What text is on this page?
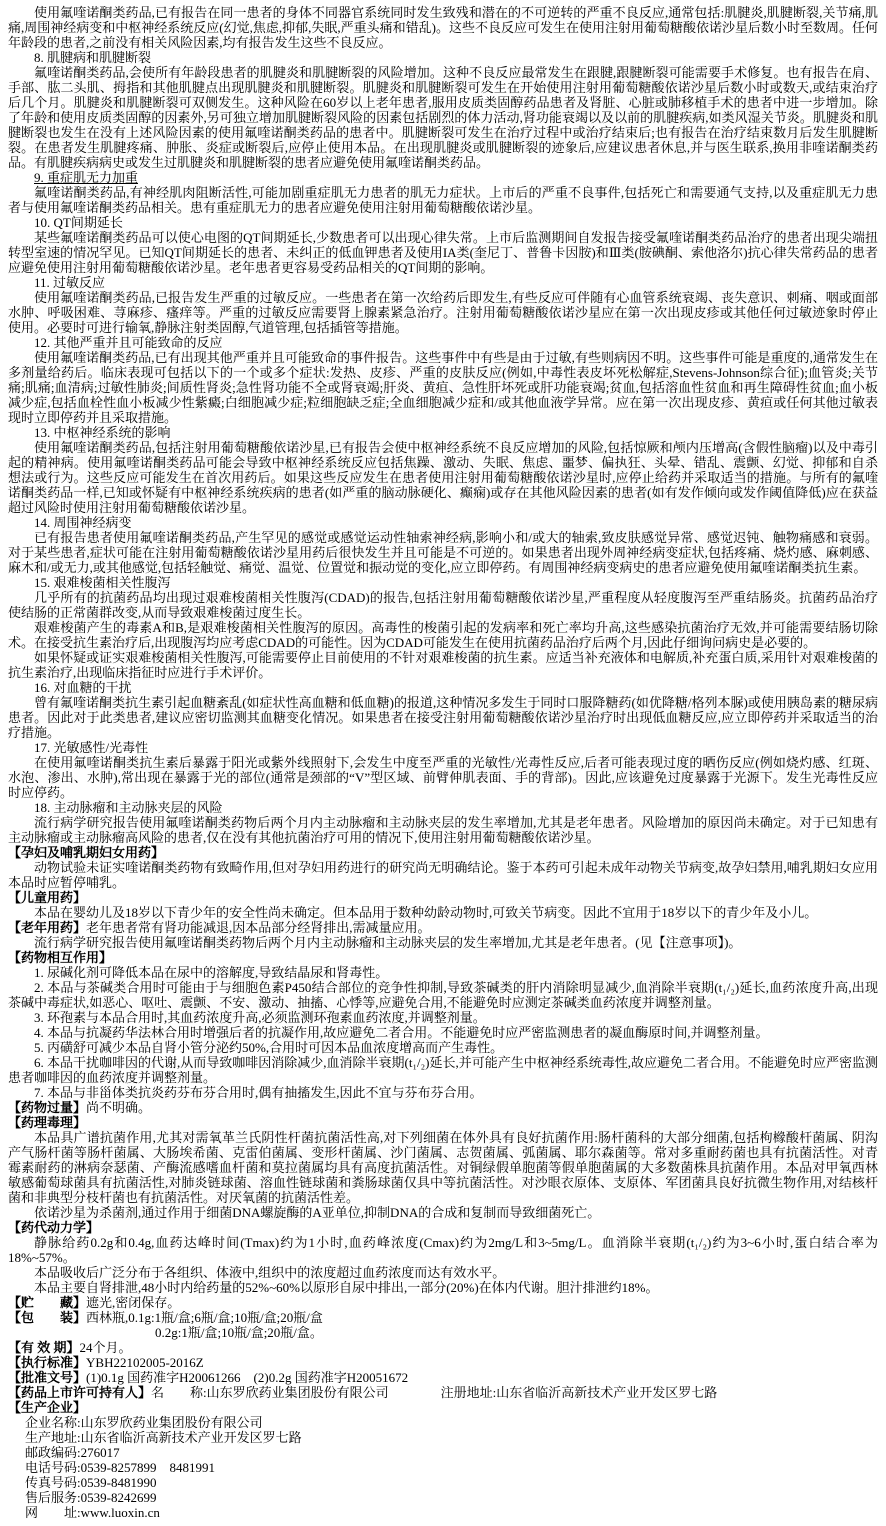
使用氟喹诺酮类药品,已有报告在同一患者的身体不同器官系统同时发生致残和潜在的不可逆转的严重不良反应,通常包括:肌腱炎,肌腱断裂,关节痛,肌痛,周围神经病变和中枢神经系统反应(幻觉,焦虑,抑郁,失眠,严重头痛和错乱)。这些不良反应可发生在使用注射用葡萄糖酸依诺沙星后数小时至数周。任何年龄段的患者,之前没有相关风险因素,均有报告发生这些不良反应。
8. 肌腱病和肌腱断裂
氟喹诺酮类药品,会使所有年龄段患者的肌腱炎和肌腱断裂的风险增加。这种不良反应最常发生在跟腱,跟腱断裂可能需要手术修复。也有报告在肩、手部、肱二头肌、拇指和其他肌腱点出现肌腱炎和肌腱断裂。肌腱炎和肌腱断裂可发生在开始使用注射用葡萄糖酸依诺沙星后数小时或数天,或结束治疗后几个月。肌腱炎和肌腱断裂可双侧发生。这种风险在60岁以上老年患者,服用皮质类固醇药品患者及肾脏、心脏或肺移植手术的患者中进一步增加。除了年龄和使用皮质类固醇的因素外,另可独立增加肌腱断裂风险的因素包括剧烈的体力活动,肾功能衰竭以及以前的肌腱疾病,如类风湿关节炎。肌腱炎和肌腱断裂也发生在没有上述风险因素的使用氟喹诺酮类药品的患者中。肌腱断裂可发生在治疗过程中或治疗结束后;也有报告在治疗结束数月后发生肌腱断裂。在患者发生肌腱疼痛、肿胀、炎症或断裂后,应停止使用本品。在出现肌腱炎或肌腱断裂的迹象后,应建议患者休息,并与医生联系,换用非喹诺酮类药品。有肌腱疾病病史或发生过肌腱炎和肌腱断裂的患者应避免使用氟喹诺酮类药品。
9. 重症肌无力加重
氟喹诺酮类药品,有神经肌肉阻断活性,可能加剧重症肌无力患者的肌无力症状。上市后的严重不良事件,包括死亡和需要通气支持,以及重症肌无力患者与使用氟喹诺酮类药品相关。患有重症肌无力的患者应避免使用注射用葡萄糖酸依诺沙星。
10. QT间期延长
某些氟喹诺酮类药品可以使心电图的QT间期延长,少数患者可以出现心律失常。上市后监测期间自发报告接受氟喹诺酮类药品治疗的患者出现尖端扭转型室速的情况罕见。已知QT间期延长的患者、未纠正的低血钾患者及使用IA类(奎尼丁、普鲁卡因胺)和Ⅲ类(胺碘酮、索他洛尔)抗心律失常药品的患者应避免使用注射用葡萄糖酸依诺沙星。老年患者更容易受药品相关的QT间期的影响。
11. 过敏反应
使用氟喹诺酮类药品,已报告发生严重的过敏反应。一些患者在第一次给药后即发生,有些反应可伴随有心血管系统衰竭、丧失意识、刺痛、咽或面部水肿、呼吸困难、荨麻疹、瘙痒等。严重的过敏反应需要肾上腺素紧急治疗。注射用葡萄糖酸依诺沙星应在第一次出现皮疹或其他任何过敏迹象时停止使用。必要时可进行输氧,静脉注射类固醇,气道管理,包括插管等措施。
12. 其他严重并且可能致命的反应
使用氟喹诺酮类药品,已有出现其他严重并且可能致命的事件报告。这些事件中有些是由于过敏,有些则病因不明。这些事件可能是重度的,通常发生在多剂量给药后。临床表现可包括以下的一个或多个症状:发热、皮疹、严重的皮肤反应(例如,中毒性表皮坏死松解症,Stevens-Johnson综合征);血管炎;关节痛;肌痛;血清病;过敏性肺炎;间质性肾炎;急性肾功能不全或肾衰竭;肝炎、黄疸、急性肝坏死或肝功能衰竭;贫血,包括溶血性贫血和再生障碍性贫血;血小板减少症,包括血栓性血小板减少性紫癜;白细胞减少症;粒细胞缺乏症;全血细胞减少症和/或其他血液学异常。应在第一次出现皮疹、黄疸或任何其他过敏表现时立即停药并且采取措施。
13. 中枢神经系统的影响
使用氟喹诺酮类药品,包括注射用葡萄糖酸依诺沙星,已有报告会使中枢神经系统不良反应增加的风险,包括惊厥和颅内压增高(含假性脑瘤)以及中毒引起的精神病。使用氟喹诺酮类药品可能会导致中枢神经系统反应包括焦躁、激动、失眠、焦虑、噩梦、偏执狂、头晕、错乱、震颤、幻觉、抑郁和自杀想法或行为。这些反应可能发生在首次用药后。如果这些反应发生在患者使用注射用葡萄糖酸依诺沙星时,应停止给药并采取适当的措施。与所有的氟喹诺酮类药品一样,已知或怀疑有中枢神经系统疾病的患者(如严重的脑动脉硬化、癫痫)或存在其他风险因素的患者(如有发作倾向或发作阈值降低)应在获益超过风险时使用注射用葡萄糖酸依诺沙星。
14. 周围神经病变
已有报告患者使用氟喹诺酮类药品,产生罕见的感觉或感觉运动性轴索神经病,影响小和/或大的轴索,致皮肤感觉异常、感觉迟钝、触物痛感和衰弱。对于某些患者,症状可能在注射用葡萄糖酸依诺沙星用药后很快发生并且可能是不可逆的。如果患者出现外周神经病变症状,包括疼痛、烧灼感、麻刺感、麻木和/或无力,或其他感觉,包括轻触觉、痛觉、温觉、位置觉和振动觉的变化,应立即停药。有周围神经病变病史的患者应避免使用氟喹诺酮类抗生素。
15. 艰难梭菌相关性腹泻
几乎所有的抗菌药品均出现过艰难梭菌相关性腹泻(CDAD)的报告,包括注射用葡萄糖酸依诺沙星,严重程度从轻度腹泻至严重结肠炎。抗菌药品治疗使结肠的正常菌群改变,从而导致艰难梭菌过度生长。
艰难梭菌产生的毒素A和B,是艰难梭菌相关性腹泻的原因。高毒性的梭菌引起的发病率和死亡率均升高,这些感染抗菌治疗无效,并可能需要结肠切除术。在接受抗生素治疗后,出现腹泻均应考虑CDAD的可能性。因为CDAD可能发生在使用抗菌药品治疗后两个月,因此仔细询问病史是必要的。
如果怀疑或证实艰难梭菌相关性腹泻,可能需要停止目前使用的不针对艰难梭菌的抗生素。应适当补充液体和电解质,补充蛋白质,采用针对艰难梭菌的抗生素治疗,出现临床指征时应进行手术评价。
16. 对血糖的干扰
曾有氟喹诺酮类抗生素引起血糖紊乱(如症状性高血糖和低血糖)的报道,这种情况多发生于同时口服降糖药(如优降糖/格列本脲)或使用胰岛素的糖尿病患者。因此对于此类患者,建议应密切监测其血糖变化情况。如果患者在接受注射用葡萄糖酸依诺沙星治疗时出现低血糖反应,应立即停药并采取适当的治疗措施。
17. 光敏感性/光毒性
在使用氟喹诺酮类抗生素后暴露于阳光或紫外线照射下,会发生中度至严重的光敏性/光毒性反应,后者可能表现过度的晒伤反应(例如烧灼感、红斑、水泡、渗出、水肿),常出现在暴露于光的部位(通常是颈部的“V”型区域、前臂伸肌表面、手的背部)。因此,应该避免过度暴露于光源下。发生光毒性反应时应停药。
18. 主动脉瘤和主动脉夹层的风险
流行病学研究报告使用氟喹诺酮类药物后两个月内主动脉瘤和主动脉夹层的发生率增加,尤其是老年患者。风险增加的原因尚未确定。对于已知患有主动脉瘤或主动脉瘤高风险的患者,仅在没有其他抗菌治疗可用的情况下,使用注射用葡萄糖酸依诺沙星。
【孕妇及哺乳期妇女用药】
动物试验未证实喹诺酮类药物有致畸作用,但对孕妇用药进行的研究尚无明确结论。鉴于本药可引起未成年动物关节病变,故孕妇禁用,哺乳期妇女应用本品时应暂停哺乳。
【儿童用药】
本品在婴幼儿及18岁以下青少年的安全性尚未确定。但本品用于数种幼龄动物时,可致关节病变。因此不宜用于18岁以下的青少年及小儿。
【老年用药】老年患者常有肾功能减退,因本品部分经肾排出,需减量应用。
流行病学研究报告使用氟喹诺酮类药物后两个月内主动脉瘤和主动脉夹层的发生率增加,尤其是老年患者。(见【注意事项】)。
【药物相互作用】
1. 尿碱化剂可降低本品在尿中的溶解度,导致结晶尿和肾毒性。
2. 本品与茶碱类合用时可能由于与细胞色素P450结合部位的竞争性抑制,导致茶碱类的肝内消除明显减少,血消除半衰期(t₁/₂)延长,血药浓度升高,出现茶碱中毒症状,如恶心、呕吐、震颤、不安、激动、抽搐、心悸等,应避免合用,不能避免时应测定茶碱类血药浓度并调整剂量。
3. 环孢素与本品合用时,其血药浓度升高,必须监测环孢素血药浓度,并调整剂量。
4. 本品与抗凝药华法林合用时增强后者的抗凝作用,故应避免二者合用。不能避免时应严密监测患者的凝血酶原时间,并调整剂量。
5. 丙磺舒可减少本品自肾小管分泌约50%,合用时可因本品血浓度增高而产生毒性。
6. 本品干扰咖啡因的代谢,从而导致咖啡因消除减少,血消除半衰期(t₁/₂)延长,并可能产生中枢神经系统毒性,故应避免二者合用。不能避免时应严密监测患者咖啡因的血药浓度并调整剂量。
7. 本品与非甾体类抗炎药芬布芬合用时,偶有抽搐发生,因此不宜与芬布芬合用。
【药物过量】尚不明确。
【药理毒理】
本品具广谱抗菌作用,尤其对需氧革兰氏阴性杆菌抗菌活性高,对下列细菌在体外具有良好抗菌作用:肠杆菌科的大部分细菌,包括枸橼酸杆菌属、阴沟产气肠杆菌等肠杆菌属、大肠埃希菌、克雷伯菌属、变形杆菌属、沙门菌属、志贺菌属、弧菌属、耶尔森菌等。常对多重耐药菌也具有抗菌活性。对青霉素耐药的淋病奈瑟菌、产酶流感嗜血杆菌和莫拉菌属均具有高度抗菌活性。对铜绿假单胞菌等假单胞菌属的大多数菌株具抗菌作用。本品对甲氧西林敏感葡萄球菌具有抗菌活性,对肺炎链球菌、溶血性链球菌和粪肠球菌仅具中等抗菌活性。对沙眼衣原体、支原体、军团菌具良好抗微生物作用,对结核杆菌和非典型分枝杆菌也有抗菌活性。对厌氧菌的抗菌活性差。
依诺沙星为杀菌剂,通过作用于细菌DNA螺旋酶的A亚单位,抑制DNA的合成和复制而导致细菌死亡。
【药代动力学】
静脉给药0.2g和0.4g,血药达峰时间(Tmax)约为1小时,血药峰浓度(Cmax)约为2mg/L和3~5mg/L。血消除半衰期(t₁/₂)约为3~6小时,蛋白结合率为18%~57%。
本品吸收后广泛分布于各组织、体液中,组织中的浓度超过血药浓度而达有效水平。
本品主要自肾排泄,48小时内给药量的52%~60%以原形自尿中排出,一部分(20%)在体内代谢。胆汁排泄约18%。
【贮　　藏】遮光,密闭保存。
【包　　装】西林瓶,0.1g:1瓶/盒;6瓶/盒;10瓶/盒;20瓶/盒
0.2g:1瓶/盒;10瓶/盒;20瓶/盒。
【有 效 期】24个月。
【执行标准】YBH22102005-2016Z
【批准文号】(1)0.1g 国药准字H20061266　(2)0.2g 国药准字H20051672
【药品上市许可持有人】名　　称:山东罗欣药业集团股份有限公司　　　　注册地址:山东省临沂高新技术产业开发区罗七路
【生产企业】
企业名称:山东罗欣药业集团股份有限公司
生产地址:山东省临沂高新技术产业开发区罗七路
邮政编码:276017
电话号码:0539-8257899　8481991
传真号码:0539-8481990
售后服务:0539-8242699
网　　址:www.luoxin.cn
